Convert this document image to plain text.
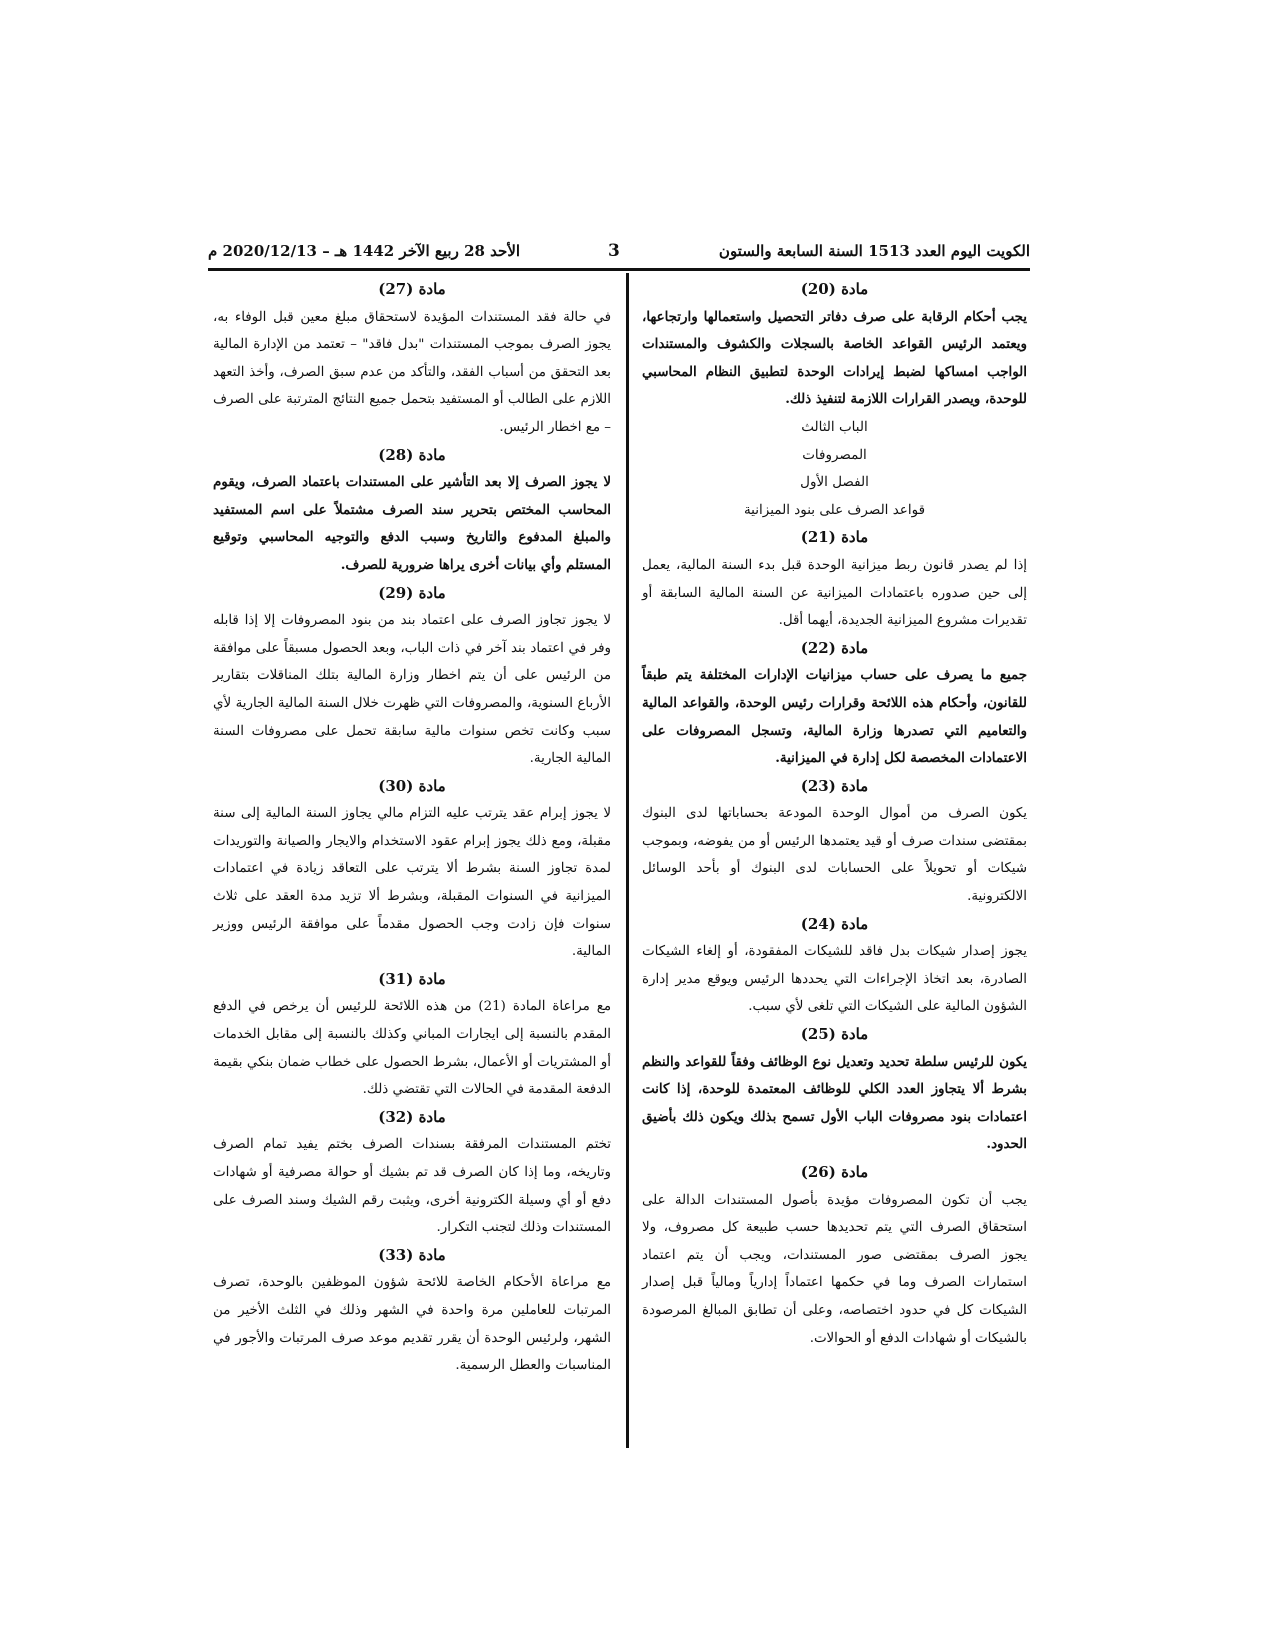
الكويت اليوم العدد 1513 السنة السابعة والستون
3
الأحد 28 ربيع الآخر 1442 هـ – 2020/12/13 م

مادة (20)

يجب أحكام الرقابة على صرف دفاتر التحصيل واستعمالها وارتجاعها، ويعتمد الرئيس القواعد الخاصة بالسجلات والكشوف والمستندات الواجب امساكها لضبط إيرادات الوحدة لتطبيق النظام المحاسبي للوحدة، ويصدر القرارات اللازمة لتنفيذ ذلك.

الباب الثالث

المصروفات

الفصل الأول

قواعد الصرف على بنود الميزانية

مادة (21)

إذا لم يصدر قانون ربط ميزانية الوحدة قبل بدء السنة المالية، يعمل إلى حين صدوره باعتمادات الميزانية عن السنة المالية السابقة أو تقديرات مشروع الميزانية الجديدة، أيهما أقل.

مادة (22)

جميع ما يصرف على حساب ميزانيات الإدارات المختلفة يتم طبقاً للقانون، وأحكام هذه اللائحة وقرارات رئيس الوحدة، والقواعد المالية والتعاميم التي تصدرها وزارة المالية، وتسجل المصروفات على الاعتمادات المخصصة لكل إدارة في الميزانية.

مادة (23)

يكون الصرف من أموال الوحدة المودعة بحساباتها لدى البنوك بمقتضى سندات صرف أو قيد يعتمدها الرئيس أو من يفوضه، وبموجب شيكات أو تحويلاً على الحسابات لدى البنوك أو بأحد الوسائل الالكترونية.

مادة (24)

يجوز إصدار شيكات بدل فاقد للشيكات المفقودة، أو إلغاء الشيكات الصادرة، بعد اتخاذ الإجراءات التي يحددها الرئيس ويوقع مدير إدارة الشؤون المالية على الشيكات التي تلغى لأي سبب.

مادة (25)

يكون للرئيس سلطة تحديد وتعديل نوع الوظائف وفقاً للقواعد والنظم بشرط ألا يتجاوز العدد الكلي للوظائف المعتمدة للوحدة، إذا كانت اعتمادات بنود مصروفات الباب الأول تسمح بذلك ويكون ذلك بأضيق الحدود.

مادة (26)

يجب أن تكون المصروفات مؤيدة بأصول المستندات الدالة على استحقاق الصرف التي يتم تحديدها حسب طبيعة كل مصروف، ولا يجوز الصرف بمقتضى صور المستندات، ويجب أن يتم اعتماد استمارات الصرف وما في حكمها اعتماداً إدارياً ومالياً قبل إصدار الشيكات كل في حدود اختصاصه، وعلى أن تطابق المبالغ المرصودة بالشيكات أو شهادات الدفع أو الحوالات.

مادة (27)

في حالة فقد المستندات المؤيدة لاستحقاق مبلغ معين قبل الوفاء به، يجوز الصرف بموجب المستندات "بدل فاقد" – تعتمد من الإدارة المالية بعد التحقق من أسباب الفقد، والتأكد من عدم سبق الصرف، وأخذ التعهد اللازم على الطالب أو المستفيد بتحمل جميع النتائج المترتبة على الصرف – مع اخطار الرئيس.

مادة (28)

لا يجوز الصرف إلا بعد التأشير على المستندات باعتماد الصرف، ويقوم المحاسب المختص بتحرير سند الصرف مشتملاً على اسم المستفيد والمبلغ المدفوع والتاريخ وسبب الدفع والتوجيه المحاسبي وتوقيع المستلم وأي بيانات أخرى يراها ضرورية للصرف.

مادة (29)

لا يجوز تجاوز الصرف على اعتماد بند من بنود المصروفات إلا إذا قابله وفر في اعتماد بند آخر في ذات الباب، وبعد الحصول مسبقاً على موافقة من الرئيس على أن يتم اخطار وزارة المالية بتلك المناقلات بتقارير الأرباع السنوية، والمصروفات التي ظهرت خلال السنة المالية الجارية لأي سبب وكانت تخص سنوات مالية سابقة تحمل على مصروفات السنة المالية الجارية.

مادة (30)

لا يجوز إبرام عقد يترتب عليه التزام مالي يجاوز السنة المالية إلى سنة مقبلة، ومع ذلك يجوز إبرام عقود الاستخدام والايجار والصيانة والتوريدات لمدة تجاوز السنة بشرط ألا يترتب على التعاقد زيادة في اعتمادات الميزانية في السنوات المقبلة، وبشرط ألا تزيد مدة العقد على ثلاث سنوات فإن زادت وجب الحصول مقدماً على موافقة الرئيس ووزير المالية.

مادة (31)

مع مراعاة المادة (21) من هذه اللائحة للرئيس أن يرخص في الدفع المقدم بالنسبة إلى ايجارات المباني وكذلك بالنسبة إلى مقابل الخدمات أو المشتريات أو الأعمال، بشرط الحصول على خطاب ضمان بنكي بقيمة الدفعة المقدمة في الحالات التي تقتضي ذلك.

مادة (32)

تختم المستندات المرفقة بسندات الصرف بختم يفيد تمام الصرف وتاريخه، وما إذا كان الصرف قد تم بشيك أو حوالة مصرفية أو شهادات دفع أو أي وسيلة الكترونية أخرى، ويثبت رقم الشيك وسند الصرف على المستندات وذلك لتجنب التكرار.

مادة (33)

مع مراعاة الأحكام الخاصة للائحة شؤون الموظفين بالوحدة، تصرف المرتبات للعاملين مرة واحدة في الشهر وذلك في الثلث الأخير من الشهر، ولرئيس الوحدة أن يقرر تقديم موعد صرف المرتبات والأجور في المناسبات والعطل الرسمية.
